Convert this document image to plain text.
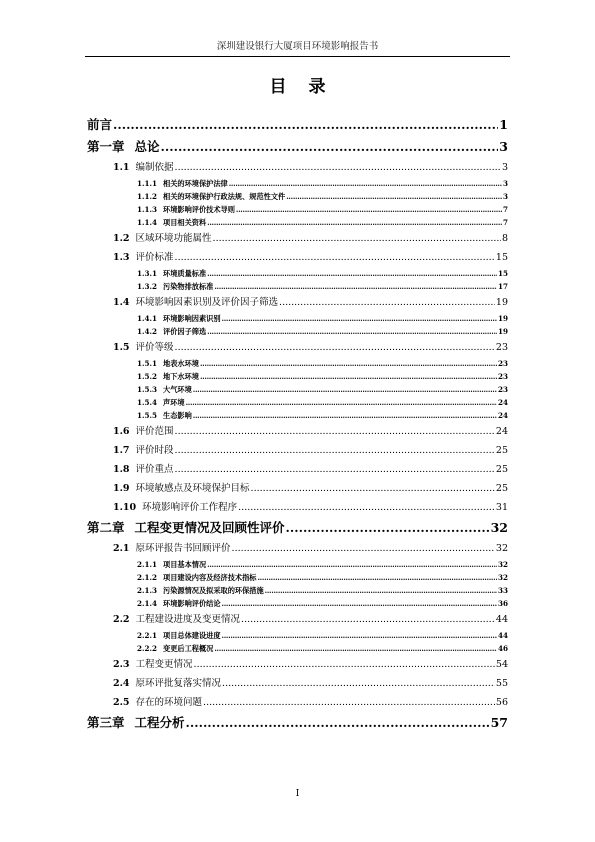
深圳建设银行大厦项目环境影响报告书
目录
前言 .....	1
第一章 总论 .....	3
1.1 编制依据 .....	3
1.1.1 相关的环境保护法律 .....	3
1.1.2 相关的环境保护行政法规、规范性文件 .....	3
1.1.3 环境影响评价技术导则 .....	7
1.1.4 项目相关资料 .....	7
1.2 区域环境功能属性 .....	8
1.3 评价标准 .....	15
1.3.1 环境质量标准 .....	15
1.3.2 污染物排放标准 .....	17
1.4 环境影响因素识别及评价因子筛选 .....	19
1.4.1 环境影响因素识别 .....	19
1.4.2 评价因子筛选 .....	19
1.5 评价等级 .....	23
1.5.1 地表水环境 .....	23
1.5.2 地下水环境 .....	23
1.5.3 大气环境 .....	23
1.5.4 声环境 .....	24
1.5.5 生态影响 .....	24
1.6 评价范围 .....	24
1.7 评价时段 .....	25
1.8 评价重点 .....	25
1.9 环境敏感点及环境保护目标 .....	25
1.10 环境影响评价工作程序 .....	31
第二章 工程变更情况及回顾性评价 .....	32
2.1 原环评报告书回顾评价 .....	32
2.1.1 项目基本情况 .....	32
2.1.2 项目建设内容及经济技术指标 .....	32
2.1.3 污染源情况及拟采取的环保措施 .....	33
2.1.4 环境影响评价结论 .....	36
2.2 工程建设进度及变更情况 .....	44
2.2.1 项目总体建设进度 .....	44
2.2.2 变更后工程概况 .....	46
2.3 工程变更情况 .....	54
2.4 原环评批复落实情况 .....	55
2.5 存在的环境问题 .....	56
第三章 工程分析 .....	57
I
